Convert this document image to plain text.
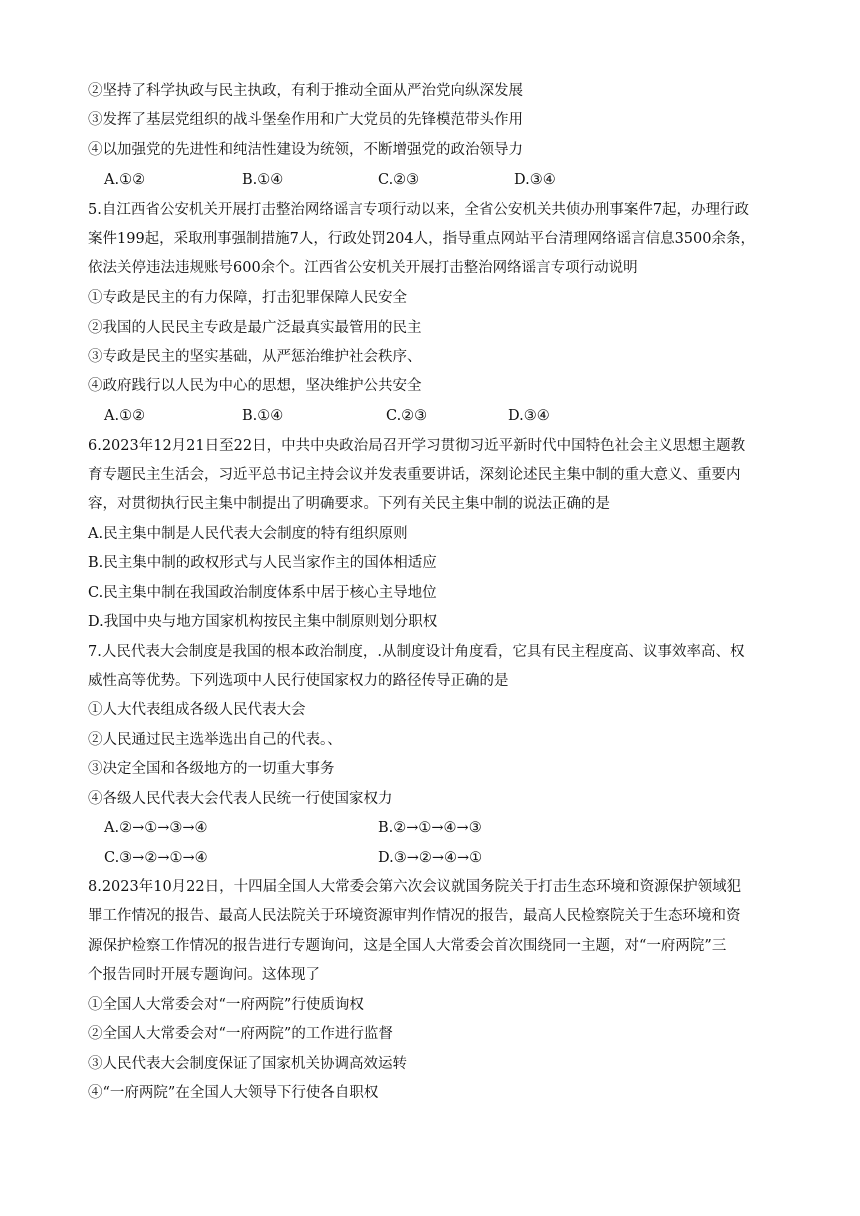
②坚持了科学执政与民主执政，有利于推动全面从严治党向纵深发展
③发挥了基层党组织的战斗堡垒作用和广大党员的先锋模范带头作用
④以加强党的先进性和纯洁性建设为统领，不断增强党的政治领导力
A.①②	B.①④	C.②③	D.③④
5.自江西省公安机关开展打击整治网络谣言专项行动以来，全省公安机关共侦办刑事案件7起，办理行政
案件199起，采取刑事强制措施7人，行政处罚204人，指导重点网站平台清理网络谣言信息3500余条，
依法关停违法违规账号600余个。江西省公安机关开展打击整治网络谣言专项行动说明
①专政是民主的有力保障，打击犯罪保障人民安全
②我国的人民民主专政是最广泛最真实最管用的民主
③专政是民主的坚实基础，从严惩治维护社会秩序、
④政府践行以人民为中心的思想，坚决维护公共安全
A.①②	B.①④	C.②③	D.③④
6.2023年12月21日至22日，中共中央政治局召开学习贯彻习近平新时代中国特色社会主义思想主题教
育专题民主生活会，习近平总书记主持会议并发表重要讲话，深刻论述民主集中制的重大意义、重要内
容，对贯彻执行民主集中制提出了明确要求。下列有关民主集中制的说法正确的是
A.民主集中制是人民代表大会制度的特有组织原则
B.民主集中制的政权形式与人民当家作主的国体相适应
C.民主集中制在我国政治制度体系中居于核心主导地位
D.我国中央与地方国家机构按民主集中制原则划分职权
7.人民代表大会制度是我国的根本政治制度，.从制度设计角度看，它具有民主程度高、议事效率高、权
威性高等优势。下列选项中人民行使国家权力的路径传导正确的是
①人大代表组成各级人民代表大会
②人民通过民主选举选出自己的代表。、
③决定全国和各级地方的一切重大事务
④各级人民代表大会代表人民统一行使国家权力
A.②→①→③→④	B.②→①→④→③
C.③→②→①→④	D.③→②→④→①
8.2023年10月22日，十四届全国人大常委会第六次会议就国务院关于打击生态环境和资源保护领域犯
罪工作情况的报告、最高人民法院关于环境资源审判作情况的报告，最高人民检察院关于生态环境和资
源保护检察工作情况的报告进行专题询问，这是全国人大常委会首次围绕同一主题，对“一府两院”三
个报告同时开展专题询问。这体现了
①全国人大常委会对“一府两院”行使质询权
②全国人大常委会对“一府两院”的工作进行监督
③人民代表大会制度保证了国家机关协调高效运转
④“一府两院”在全国人大领导下行使各自职权
